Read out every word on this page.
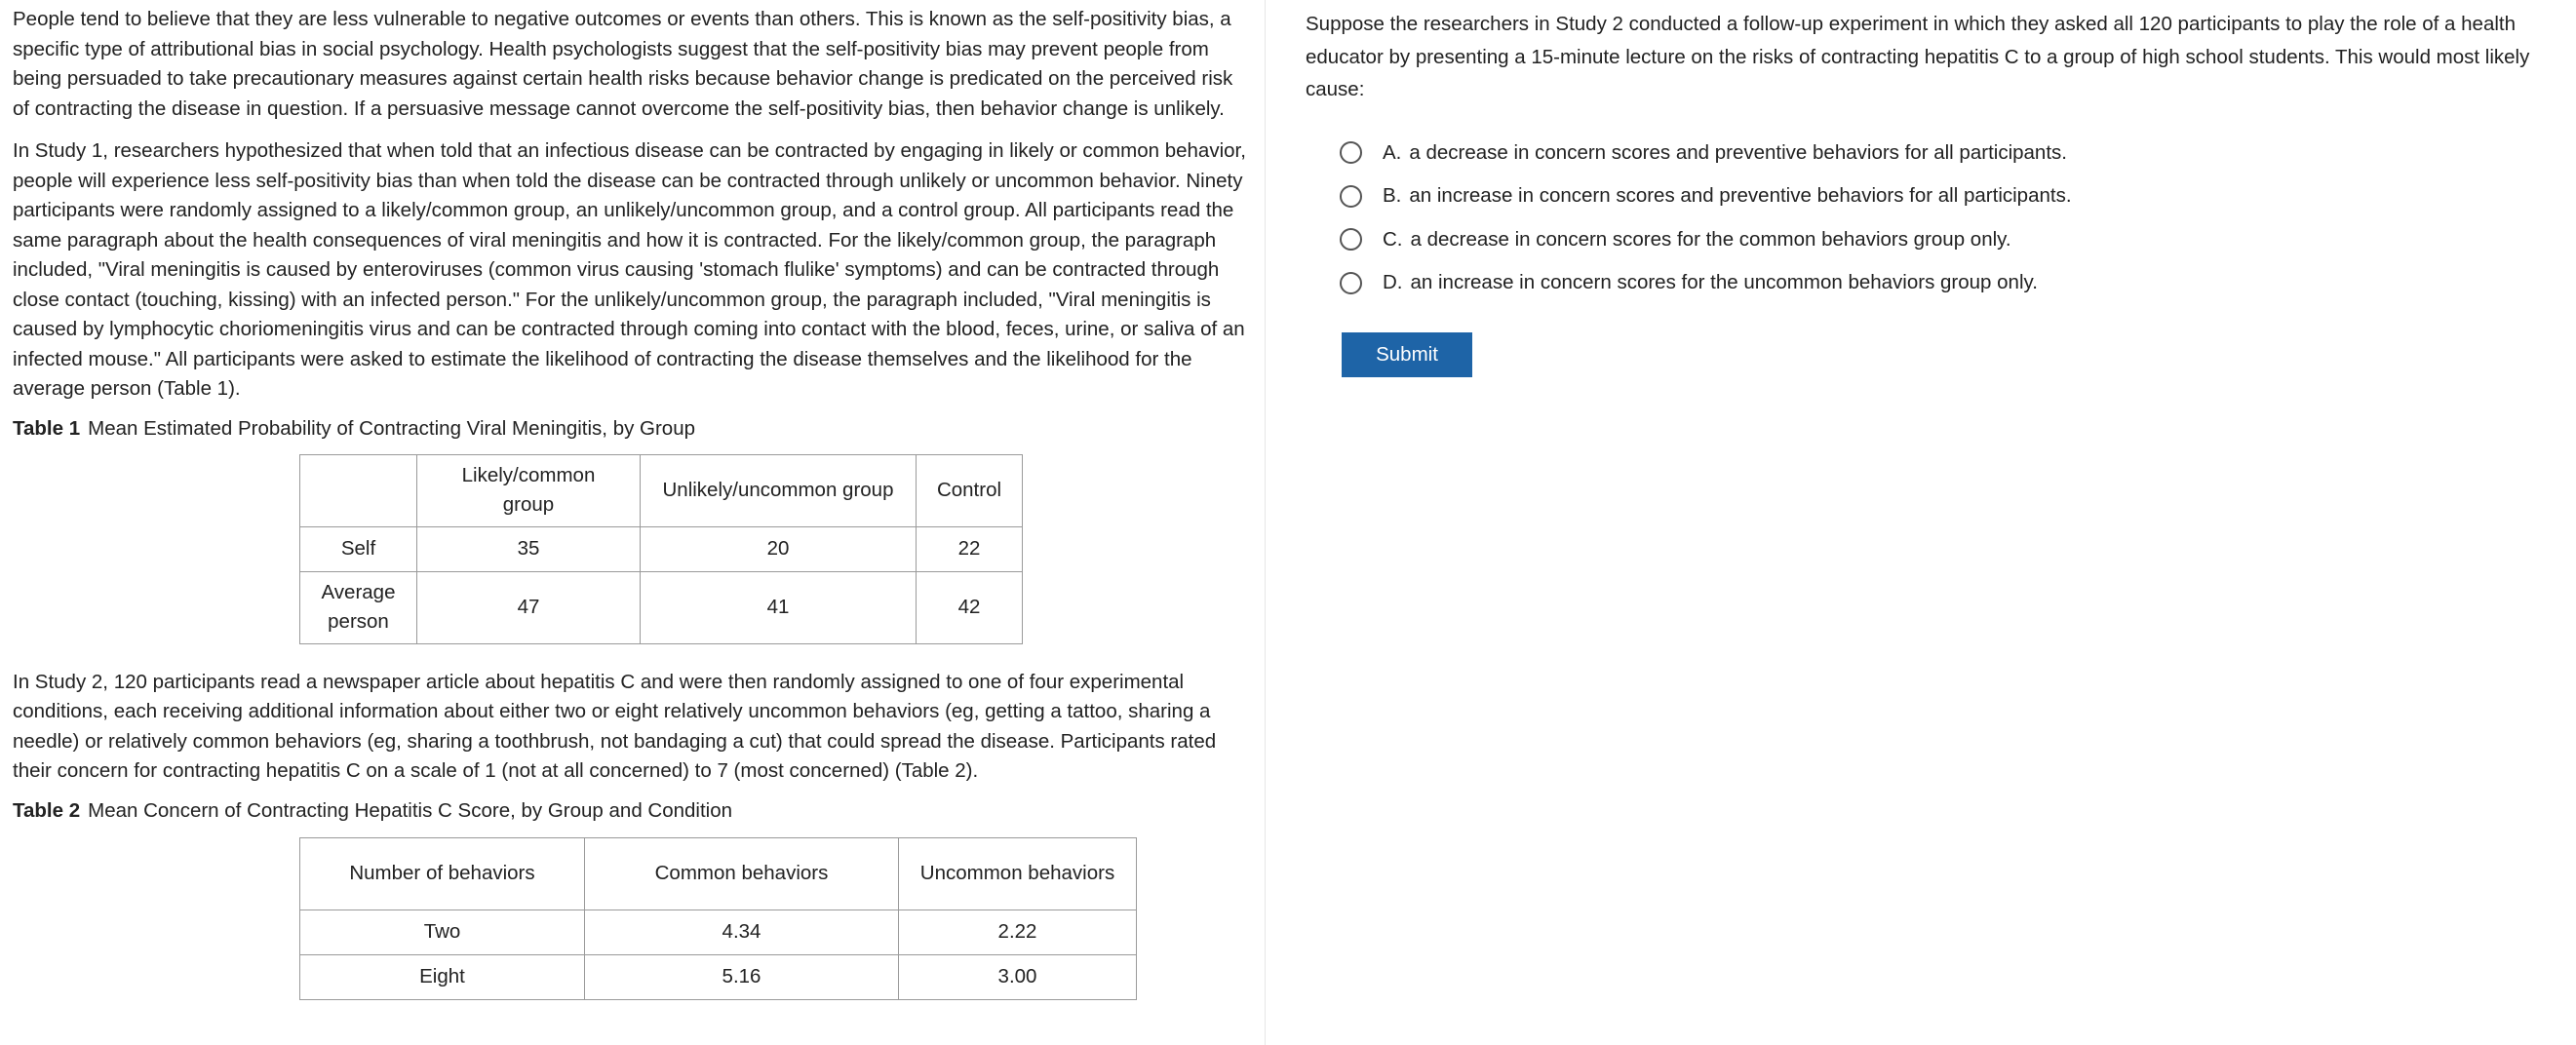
People tend to believe that they are less vulnerable to negative outcomes or events than others. This is known as the self-positivity bias, a specific type of attributional bias in social psychology. Health psychologists suggest that the self-positivity bias may prevent people from being persuaded to take precautionary measures against certain health risks because behavior change is predicated on the perceived risk of contracting the disease in question. If a persuasive message cannot overcome the self-positivity bias, then behavior change is unlikely.

In Study 1, researchers hypothesized that when told that an infectious disease can be contracted by engaging in likely or common behavior, people will experience less self-positivity bias than when told the disease can be contracted through unlikely or uncommon behavior. Ninety participants were randomly assigned to a likely/common group, an unlikely/uncommon group, and a control group. All participants read the same paragraph about the health consequences of viral meningitis and how it is contracted. For the likely/common group, the paragraph included, "Viral meningitis is caused by enteroviruses (common virus causing 'stomach flulike' symptoms) and can be contracted through close contact (touching, kissing) with an infected person." For the unlikely/uncommon group, the paragraph included, "Viral meningitis is caused by lymphocytic choriomeningitis virus and can be contracted through coming into contact with the blood, feces, urine, or saliva of an infected mouse." All participants were asked to estimate the likelihood of contracting the disease themselves and the likelihood for the average person (Table 1).

Table 1 Mean Estimated Probability of Contracting Viral Meningitis, by Group
	Likely/common group	Unlikely/uncommon group	Control
Self	35	20	22
Average person	47	41	42

In Study 2, 120 participants read a newspaper article about hepatitis C and were then randomly assigned to one of four experimental conditions, each receiving additional information about either two or eight relatively uncommon behaviors (eg, getting a tattoo, sharing a needle) or relatively common behaviors (eg, sharing a toothbrush, not bandaging a cut) that could spread the disease. Participants rated their concern for contracting hepatitis C on a scale of 1 (not at all concerned) to 7 (most concerned) (Table 2).

Table 2 Mean Concern of Contracting Hepatitis C Score, by Group and Condition
Number of behaviors	Common behaviors	Uncommon behaviors
Two	4.34	2.22
Eight	5.16	3.00

Suppose the researchers in Study 2 conducted a follow-up experiment in which they asked all 120 participants to play the role of a health educator by presenting a 15-minute lecture on the risks of contracting hepatitis C to a group of high school students. This would most likely cause:

A. a decrease in concern scores and preventive behaviors for all participants.
B. an increase in concern scores and preventive behaviors for all participants.
C. a decrease in concern scores for the common behaviors group only.
D. an increase in concern scores for the uncommon behaviors group only.
Submit
